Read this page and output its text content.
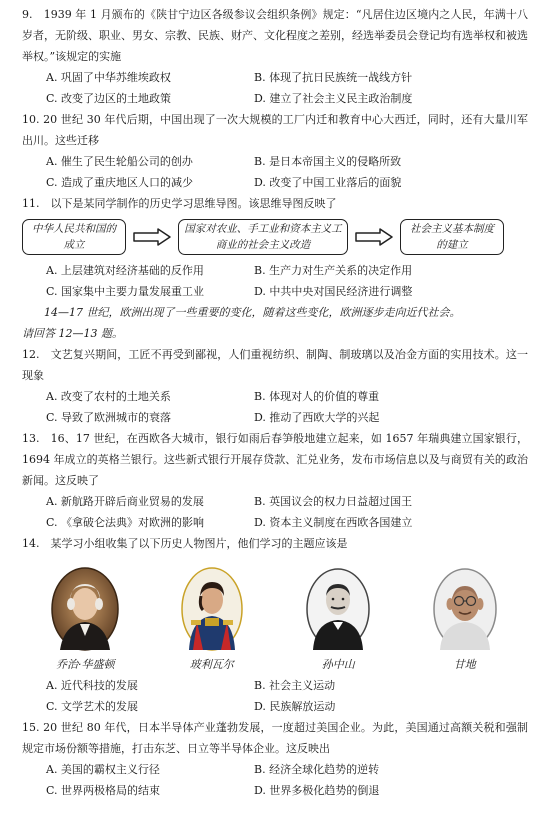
9.　1939 年 1 月颁布的《陕甘宁边区各级参议会组织条例》规定：“凡居住边区境内之人民，年满十八岁者，无阶级、职业、男女、宗教、民族、财产、文化程度之差别，经选举委员会登记均有选举权和被选举权。”该规定的实施
A. 巩固了中华苏维埃政权	B. 体现了抗日民族统一战线方针
C. 改变了边区的土地政策	D. 建立了社会主义民主政治制度
10. 20 世纪 30 年代后期，中国出现了一次大规模的工厂内迁和教育中心大西迁，同时，还有大量川军出川。这些迁移
A. 催生了民生轮船公司的创办	B. 是日本帝国主义的侵略所致
C. 造成了重庆地区人口的减少	D. 改变了中国工业落后的面貌
11.　以下是某同学制作的历史学习思维导图。该思维导图反映了
中华人民共和国的成立
国家对农业、手工业和资本主义工商业的社会主义改造
社会主义基本制度的建立
A. 上层建筑对经济基础的反作用	B. 生产力对生产关系的决定作用
C. 国家集中主要力量发展重工业	D. 中共中央对国民经济进行调整
14—17 世纪，欧洲出现了一些重要的变化，随着这些变化，欧洲逐步走向近代社会。
请回答 12—13 题。
12.　文艺复兴期间，工匠不再受到鄙视，人们重视纺织、制陶、制玻璃以及冶金方面的实用技术。这一现象
A. 改变了农村的土地关系	B. 体现对人的价值的尊重
C. 导致了欧洲城市的衰落	D. 推动了西欧大学的兴起
13.　16、17 世纪，在西欧各大城市，银行如雨后春笋般地建立起来，如 1657 年瑞典建立国家银行，1694 年成立的英格兰银行。这些新式银行开展存贷款、汇兑业务，发布市场信息以及与商贸有关的政治新闻。这反映了
A. 新航路开辟后商业贸易的发展	B. 英国议会的权力日益超过国王
C. 《拿破仑法典》对欧洲的影响	D. 资本主义制度在西欧各国建立
14.　某学习小组收集了以下历史人物图片，他们学习的主题应该是
乔治·华盛顿	玻利瓦尔	孙中山	甘地
A. 近代科技的发展	B. 社会主义运动
C. 文学艺术的发展	D. 民族解放运动
15. 20 世纪 80 年代，日本半导体产业蓬勃发展，一度超过美国企业。为此，美国通过高额关税和强制规定市场份额等措施，打击东芝、日立等半导体企业。这反映出
A. 美国的霸权主义行径	B. 经济全球化趋势的逆转
C. 世界两极格局的结束	D. 世界多极化趋势的倒退
